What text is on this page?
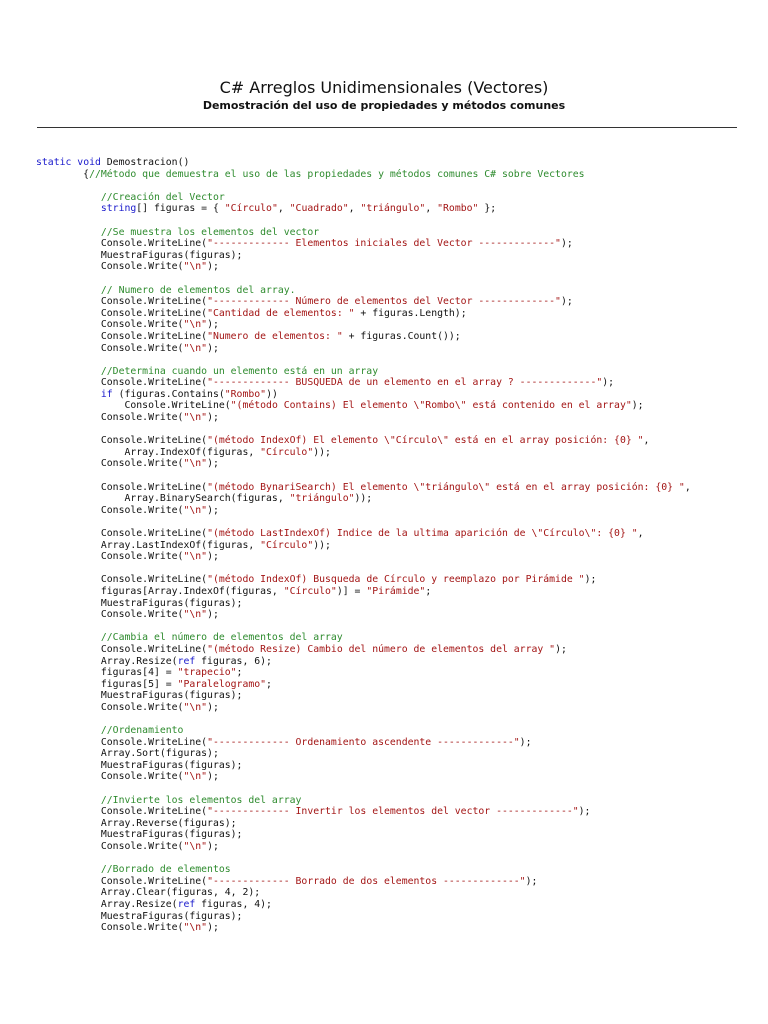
C# Arreglos Unidimensionales (Vectores)
Demostración del uso de propiedades y métodos comunes
static void Demostracion()
{//Método que demuestra el uso de las propiedades y métodos comunes C# sobre Vectores

//Creación del Vector
string[] figuras = { "Círculo", "Cuadrado", "triángulo", "Rombo" };

//Se muestra los elementos del vector
Console.WriteLine("------------- Elementos iniciales del Vector -------------");
MuestraFiguras(figuras);
Console.Write("\n");

// Numero de elementos del array.
Console.WriteLine("------------- Número de elementos del Vector -------------");
Console.WriteLine("Cantidad de elementos: " + figuras.Length);
Console.Write("\n");
Console.WriteLine("Numero de elementos: " + figuras.Count());
Console.Write("\n");

//Determina cuando un elemento está en un array
Console.WriteLine("------------- BUSQUEDA de un elemento en el array ? -------------");
if (figuras.Contains("Rombo"))
Console.WriteLine("(método Contains) El elemento \"Rombo\" está contenido en el array");
Console.Write("\n");

Console.WriteLine("(método IndexOf) El elemento \"Círculo\" está en el array posición: {0} ",
Array.IndexOf(figuras, "Círculo"));
Console.Write("\n");

Console.WriteLine("(método BynariSearch) El elemento \"triángulo\" está en el array posición: {0} ",
Array.BinarySearch(figuras, "triángulo"));
Console.Write("\n");

Console.WriteLine("(método LastIndexOf) Indice de la ultima aparición de \"Círculo\": {0} ",
Array.LastIndexOf(figuras, "Círculo"));
Console.Write("\n");

Console.WriteLine("(método IndexOf) Busqueda de Círculo y reemplazo por Pirámide ");
figuras[Array.IndexOf(figuras, "Círculo")] = "Pirámide";
MuestraFiguras(figuras);
Console.Write("\n");

//Cambia el número de elementos del array
Console.WriteLine("(método Resize) Cambio del número de elementos del array ");
Array.Resize(ref figuras, 6);
figuras[4] = "trapecio";
figuras[5] = "Paralelogramo";
MuestraFiguras(figuras);
Console.Write("\n");

//Ordenamiento
Console.WriteLine("------------- Ordenamiento ascendente -------------");
Array.Sort(figuras);
MuestraFiguras(figuras);
Console.Write("\n");

//Invierte los elementos del array
Console.WriteLine("------------- Invertir los elementos del vector -------------");
Array.Reverse(figuras);
MuestraFiguras(figuras);
Console.Write("\n");

//Borrado de elementos
Console.WriteLine("------------- Borrado de dos elementos -------------");
Array.Clear(figuras, 4, 2);
Array.Resize(ref figuras, 4);
MuestraFiguras(figuras);
Console.Write("\n");
